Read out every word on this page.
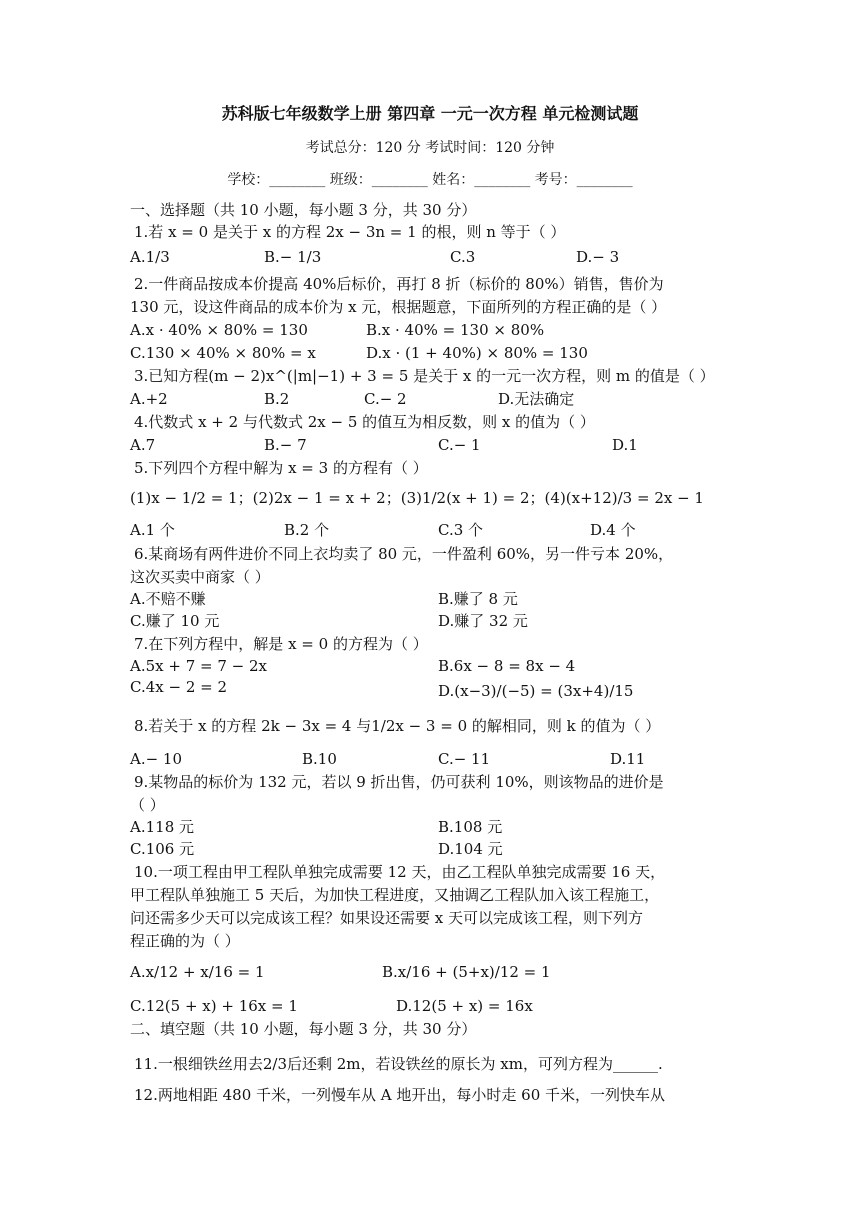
苏科版七年级数学上册 第四章 一元一次方程 单元检测试题
考试总分：120 分 考试时间：120 分钟
学校：________ 班级：________ 姓名：________ 考号：________
一、选择题（共 10 小题，每小题 3 分，共 30 分）
1.若 x = 0 是关于 x 的方程 2x − 3n = 1 的根，则 n 等于（ ）
A.1/3	B.− 1/3	C.3	D.− 3
2.一件商品按成本价提高 40%后标价，再打 8 折（标价的 80%）销售，售价为
130 元，设这件商品的成本价为 x 元，根据题意，下面所列的方程正确的是（ ）
A.x · 40% × 80% = 130	B.x · 40% = 130 × 80%
C.130 × 40% × 80% = x	D.x · (1 + 40%) × 80% = 130
3.已知方程(m − 2)x^(|m|−1) + 3 = 5 是关于 x 的一元一次方程，则 m 的值是（ ）
A.+2	B.2	C.− 2	D.无法确定
4.代数式 x + 2 与代数式 2x − 5 的值互为相反数，则 x 的值为（ ）
A.7	B.− 7	C.− 1	D.1
5.下列四个方程中解为 x = 3 的方程有（ ）
(1)x − 1/2 = 1；(2)2x − 1 = x + 2；(3)1/2(x + 1) = 2；(4)(x+12)/3 = 2x − 1
A.1 个	B.2 个	C.3 个	D.4 个
6.某商场有两件进价不同上衣均卖了 80 元，一件盈利 60%，另一件亏本 20%，
这次买卖中商家（ ）
A.不赔不赚	B.赚了 8 元
C.赚了 10 元	D.赚了 32 元
7.在下列方程中，解是 x = 0 的方程为（ ）
A.5x + 7 = 7 − 2x	B.6x − 8 = 8x − 4
C.4x − 2 = 2	D.(x−3)/(−5) = (3x+4)/15
8.若关于 x 的方程 2k − 3x = 4 与1/2x − 3 = 0 的解相同，则 k 的值为（ ）
A.− 10	B.10	C.− 11	D.11
9.某物品的标价为 132 元，若以 9 折出售，仍可获利 10%，则该物品的进价是
（ ）
A.118 元	B.108 元
C.106 元	D.104 元
10.一项工程由甲工程队单独完成需要 12 天，由乙工程队单独完成需要 16 天，
甲工程队单独施工 5 天后，为加快工程进度，又抽调乙工程队加入该工程施工，
问还需多少天可以完成该工程？如果设还需要 x 天可以完成该工程，则下列方
程正确的为（ ）
A.x/12 + x/16 = 1	B.x/16 + (5+x)/12 = 1
C.12(5 + x) + 16x = 1	D.12(5 + x) = 16x
二、填空题（共 10 小题，每小题 3 分，共 30 分）
11.一根细铁丝用去2/3后还剩 2m，若设铁丝的原长为 xm，可列方程为______.
12.两地相距 480 千米，一列慢车从 A 地开出，每小时走 60 千米，一列快车从
